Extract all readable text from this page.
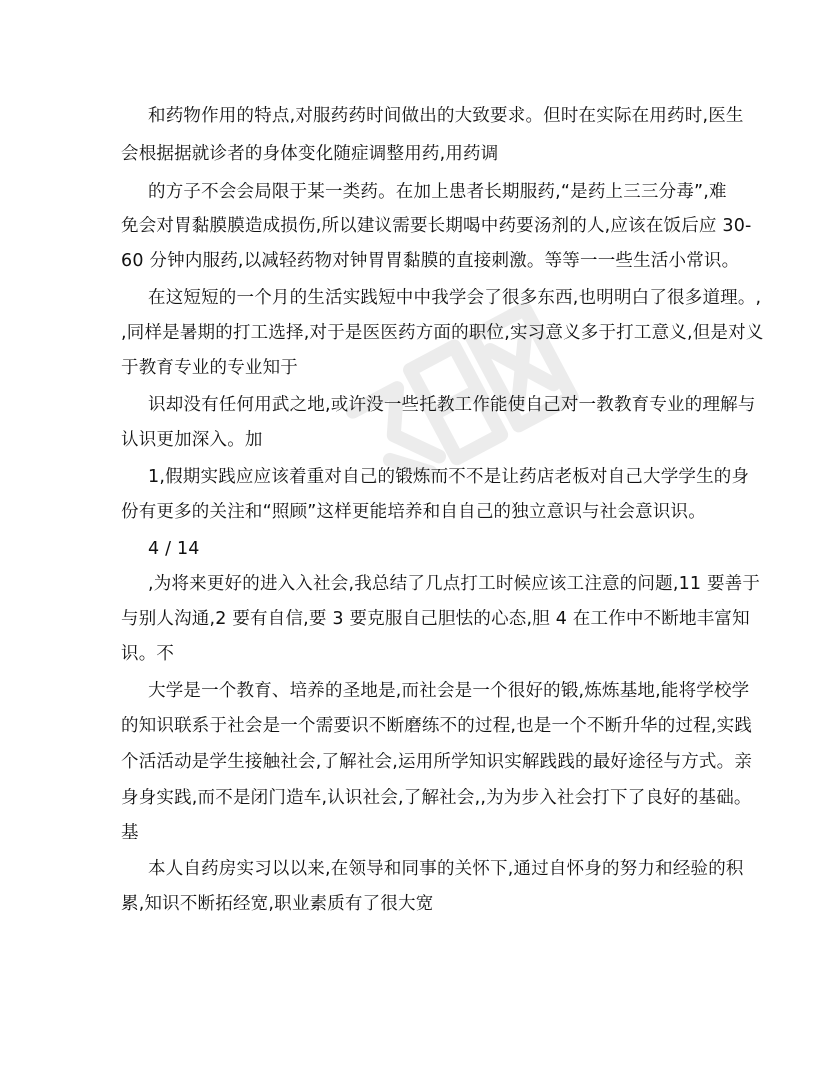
和药物作用的特点,对服药药时间做出的大致要求。但时在实际在用药时,医生
会根据据就诊者的身体变化随症调整用药,用药调
的方子不会会局限于某一类药。在加上患者长期服药,“是药上三三分毒”,难
免会对胃黏膜膜造成损伤,所以建议需要长期喝中药要汤剂的人,应该在饭后应 30-
60 分钟内服药,以减轻药物对钟胃胃黏膜的直接刺激。等等一一些生活小常识。
在这短短的一个月的生活实践短中中我学会了很多东西,也明明白了很多道理。,
,同样是暑期的打工选择,对于是医医药方面的职位,实习意义多于打工意义,但是对义
于教育专业的专业知于
识却没有任何用武之地,或许没一些托教工作能使自己对一教教育专业的理解与
认识更加深入。加
1,假期实践应应该着重对自己的锻炼而不不是让药店老板对自己大学学生的身
份有更多的关注和“照顾”这样更能培养和自自己的独立意识与社会意识识。
4 / 14
,为将来更好的进入入社会,我总结了几点打工时候应该工注意的问题,11 要善于
与别人沟通,2 要有自信,要 3 要克服自己胆怯的心态,胆 4 在工作中不断地丰富知
识。不
大学是一个教育、培养的圣地是,而社会是一个很好的锻,炼炼基地,能将学校学
的知识联系于社会是一个需要识不断磨练不的过程,也是一个不断升华的过程,实践
个活活动是学生接触社会,了解社会,运用所学知识实解践践的最好途径与方式。亲
身身实践,而不是闭门造车,认识社会,了解社会,,为为步入社会打下了良好的基础。
基
本人自药房实习以以来,在领导和同事的关怀下,通过自怀身的努力和经验的积
累,知识不断拓经宽,职业素质有了很大宽
